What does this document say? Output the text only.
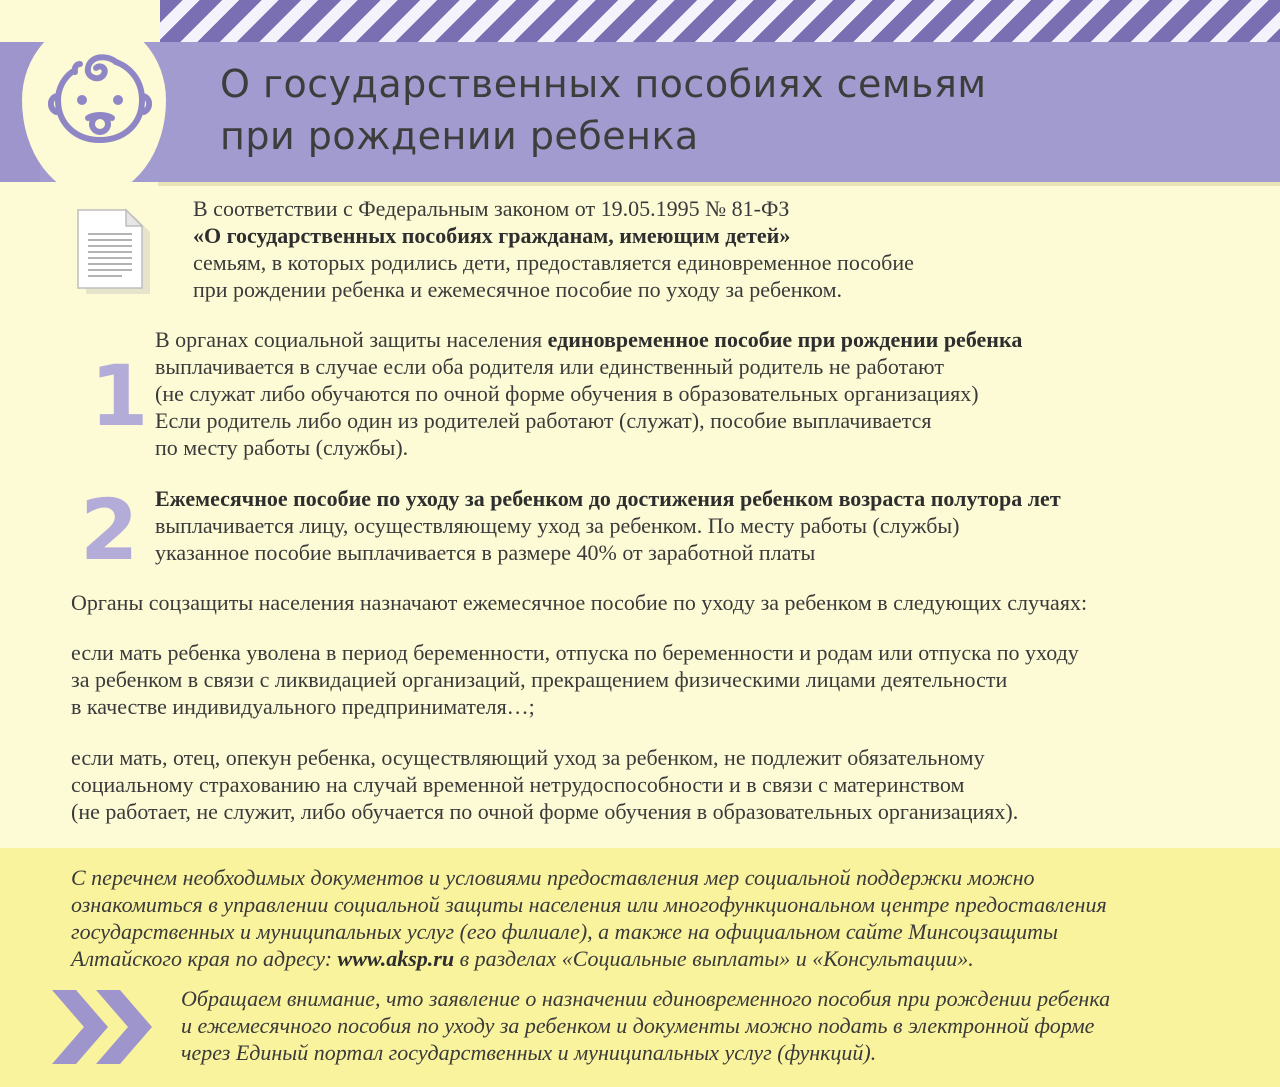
О государственных пособиях семьям
при рождении ребенка
В соответствии с Федеральным законом от 19.05.1995 № 81-ФЗ
«О государственных пособиях гражданам, имеющим детей»
семьям, в которых родились дети, предоставляется единовременное пособие
при рождении ребенка и ежемесячное пособие по уходу за ребенком.
1
В органах социальной защиты населения единовременное пособие при рождении ребенка
выплачивается в случае если оба родителя или единственный родитель не работают
(не служат либо обучаются по очной форме обучения в образовательных организациях)
Если родитель либо один из родителей работают (служат), пособие выплачивается
по месту работы (службы).
2 Ежемесячное пособие по уходу за ребенком до достижения ребенком возраста полутора лет
выплачивается лицу, осуществляющему уход за ребенком. По месту работы (службы)
указанное пособие выплачивается в размере 40% от заработной платы
Органы соцзащиты населения назначают ежемесячное пособие по уходу за ребенком в следующих случаях:
если мать ребенка уволена в период беременности, отпуска по беременности и родам или отпуска по уходу
за ребенком в связи с ликвидацией организаций, прекращением физическими лицами деятельности
в качестве индивидуального предпринимателя…;
если мать, отец, опекун ребенка, осуществляющий уход за ребенком, не подлежит обязательному
социальному страхованию на случай временной нетрудоспособности и в связи с материнством
(не работает, не служит, либо обучается по очной форме обучения в образовательных организациях).
С перечнем необходимых документов и условиями предоставления мер социальной поддержки можно
ознакомиться в управлении социальной защиты населения или многофункциональном центре предоставления
государственных и муниципальных услуг (его филиале), а также на официальном сайте Минсоцзащиты
Алтайского края по адресу: www.aksp.ru в разделах «Социальные выплаты» и «Консультации».
Обращаем внимание, что заявление о назначении единовременного пособия при рождении ребенка
и ежемесячного пособия по уходу за ребенком и документы можно подать в электронной форме
через Единый портал государственных и муниципальных услуг (функций).
